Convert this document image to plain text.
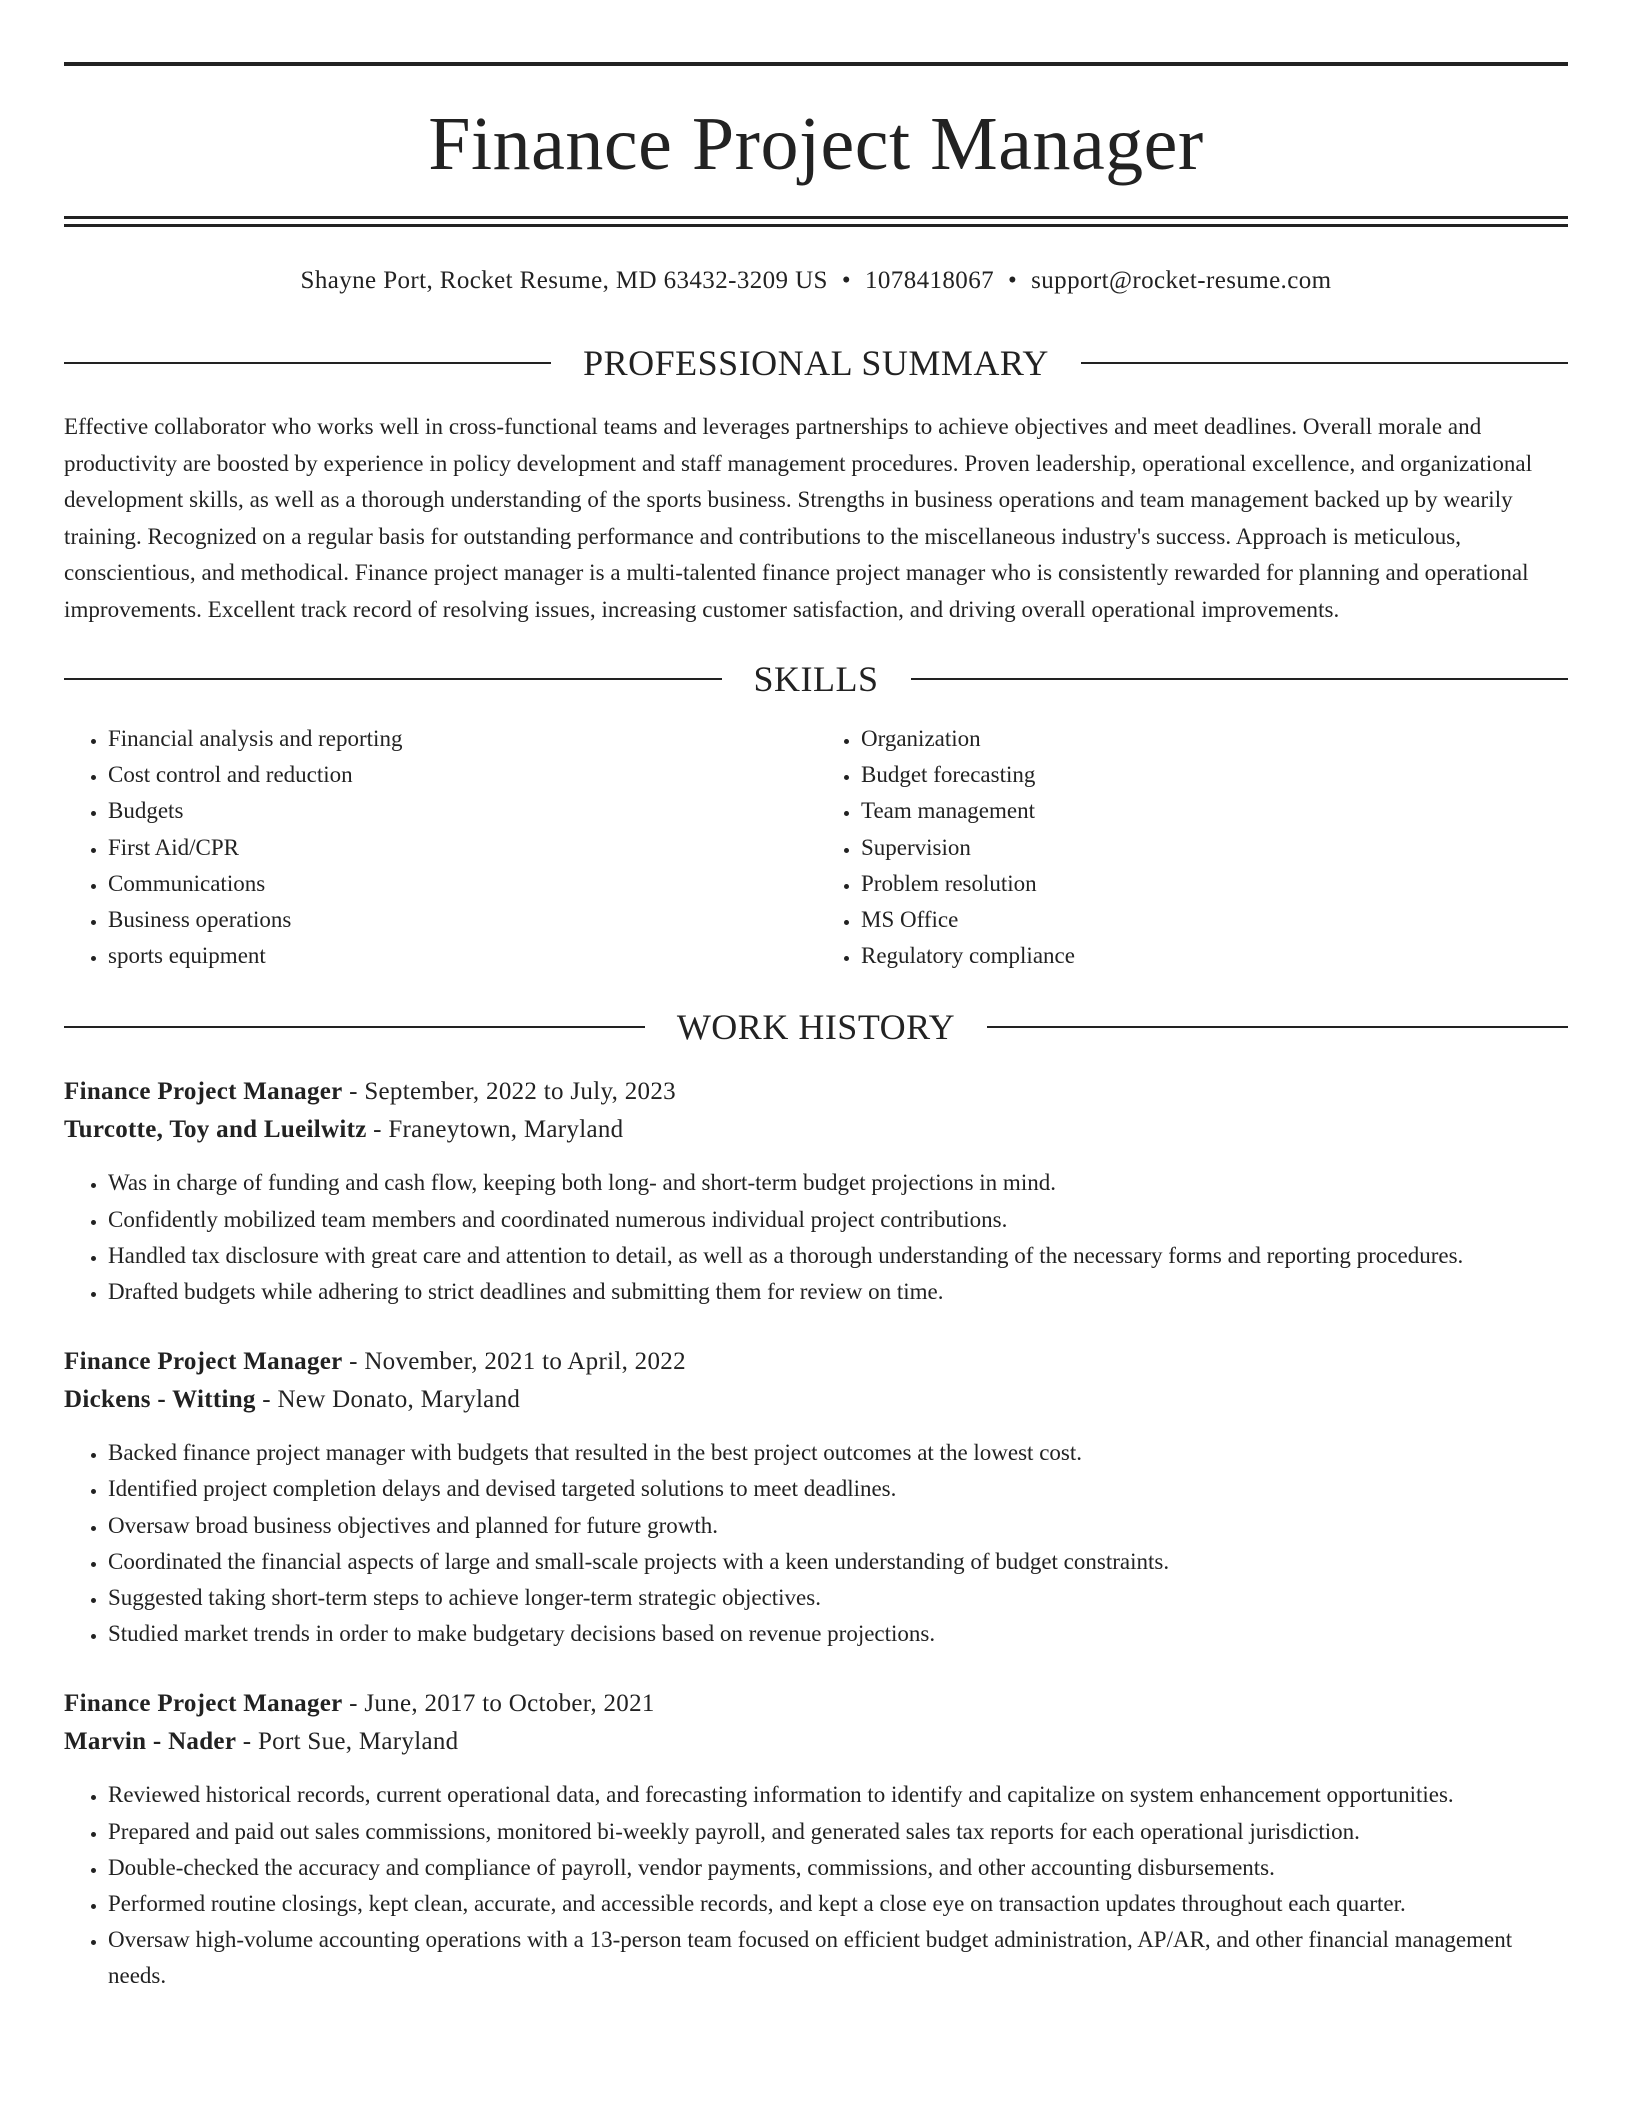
Finance Project Manager
Shayne Port, Rocket Resume, MD 63432-3209 US • 1078418067 • support@rocket-resume.com
PROFESSIONAL SUMMARY

Effective collaborator who works well in cross-functional teams and leverages partnerships to achieve objectives and meet deadlines. Overall morale and productivity are boosted by experience in policy development and staff management procedures. Proven leadership, operational excellence, and organizational development skills, as well as a thorough understanding of the sports business. Strengths in business operations and team management backed up by wearily training. Recognized on a regular basis for outstanding performance and contributions to the miscellaneous industry's success. Approach is meticulous, conscientious, and methodical. Finance project manager is a multi-talented finance project manager who is consistently rewarded for planning and operational improvements. Excellent track record of resolving issues, increasing customer satisfaction, and driving overall operational improvements.

SKILLS
• Financial analysis and reporting
• Cost control and reduction
• Budgets
• First Aid/CPR
• Communications
• Business operations
• sports equipment
• Organization
• Budget forecasting
• Team management
• Supervision
• Problem resolution
• MS Office
• Regulatory compliance
WORK HISTORY
Finance Project Manager - September, 2022 to July, 2023
Turcotte, Toy and Lueilwitz - Franeytown, Maryland
• Was in charge of funding and cash flow, keeping both long- and short-term budget projections in mind.
• Confidently mobilized team members and coordinated numerous individual project contributions.
• Handled tax disclosure with great care and attention to detail, as well as a thorough understanding of the necessary forms and reporting procedures.
• Drafted budgets while adhering to strict deadlines and submitting them for review on time.
Finance Project Manager - November, 2021 to April, 2022
Dickens - Witting - New Donato, Maryland
• Backed finance project manager with budgets that resulted in the best project outcomes at the lowest cost.
• Identified project completion delays and devised targeted solutions to meet deadlines.
• Oversaw broad business objectives and planned for future growth.
• Coordinated the financial aspects of large and small-scale projects with a keen understanding of budget constraints.
• Suggested taking short-term steps to achieve longer-term strategic objectives.
• Studied market trends in order to make budgetary decisions based on revenue projections.
Finance Project Manager - June, 2017 to October, 2021
Marvin - Nader - Port Sue, Maryland
• Reviewed historical records, current operational data, and forecasting information to identify and capitalize on system enhancement opportunities.
• Prepared and paid out sales commissions, monitored bi-weekly payroll, and generated sales tax reports for each operational jurisdiction.
• Double-checked the accuracy and compliance of payroll, vendor payments, commissions, and other accounting disbursements.
• Performed routine closings, kept clean, accurate, and accessible records, and kept a close eye on transaction updates throughout each quarter.
• Oversaw high-volume accounting operations with a 13-person team focused on efficient budget administration, AP/AR, and other financial management needs.
